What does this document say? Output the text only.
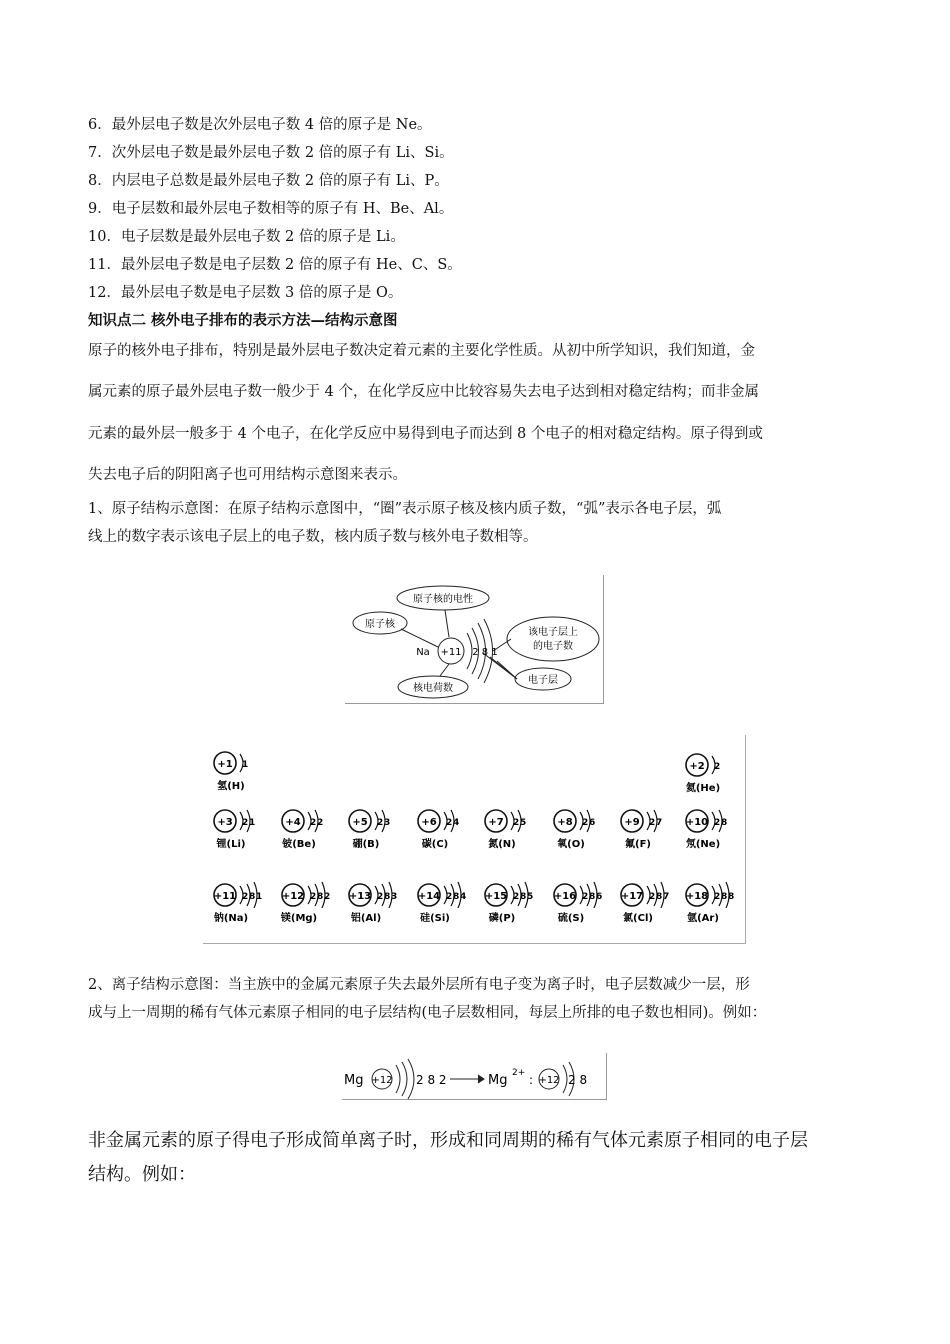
6．最外层电子数是次外层电子数 4 倍的原子是 Ne。
7．次外层电子数是最外层电子数 2 倍的原子有 Li、Si。
8．内层电子总数是最外层电子数 2 倍的原子有 Li、P。
9．电子层数和最外层电子数相等的原子有 H、Be、Al。
10．电子层数是最外层电子数 2 倍的原子是 Li。
11．最外层电子数是电子层数 2 倍的原子有 He、C、S。
12．最外层电子数是电子层数 3 倍的原子是 O。
知识点二 核外电子排布的表示方法—结构示意图
原子的核外电子排布，特别是最外层电子数决定着元素的主要化学性质。从初中所学知识，我们知道，金
属元素的原子最外层电子数一般少于 4 个，在化学反应中比较容易失去电子达到相对稳定结构；而非金属
元素的最外层一般多于 4 个电子，在化学反应中易得到电子而达到 8 个电子的相对稳定结构。原子得到或
失去电子后的阴阳离子也可用结构示意图来表示。
1、原子结构示意图：在原子结构示意图中，“圈”表示原子核及核内质子数，“弧”表示各电子层，弧
线上的数字表示该电子层上的电子数，核内质子数与核外电子数相等。
原子核的电性
原子核
该电子层上
的电子数
电子层
核电荷数
Na +11 2 8 1
+1 1
氢(H)
+2 2
氦(He)
+3 2 1
锂(Li)
+4 2 2
铍(Be)
+5 2 3
硼(B)
+6 2 4
碳(C)
+7 2 5
氮(N)
+8 2 6
氧(O)
+9 2 7
氟(F)
+10 2 8
氖(Ne)
+11 2 8 1
钠(Na)
+12 2 8 2
镁(Mg)
+13 2 8 3
铝(Al)
+14 2 8 4
硅(Si)
+15 2 8 5
磷(P)
+16 2 8 6
硫(S)
+17 2 8 7
氯(Cl)
+18 2 8 8
氩(Ar)
2、离子结构示意图：当主族中的金属元素原子失去最外层所有电子变为离子时，电子层数减少一层，形
成与上一周期的稀有气体元素原子相同的电子层结构(电子层数相同，每层上所排的电子数也相同)。例如：
Mg +12 2 8 2	Mg 2+ : +12 2 8
非金属元素的原子得电子形成简单离子时，形成和同周期的稀有气体元素原子相同的电子层
结构。例如：
